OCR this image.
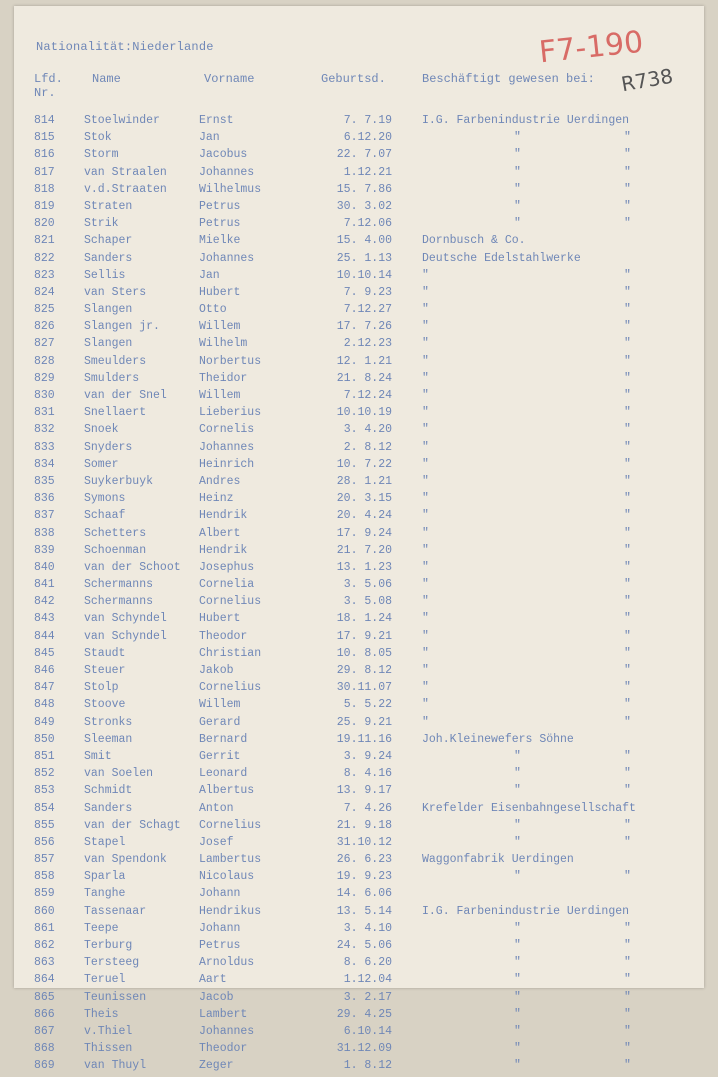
F7-190
R738
Nationalität:Niederlande
Lfd.
Nr.
Name	Vorname	Geburtsd.	Beschäftigt gewesen bei:
814	Stoelwinder	Ernst	7. 7.19	I.G. Farbenindustrie Uerdingen
815	Stok	Jan	6.12.20	"	"
816	Storm	Jacobus	22. 7.07	"	"
817	van Straalen	Johannes	1.12.21	"	"
818	v.d.Straaten	Wilhelmus	15. 7.86	"	"
819	Straten	Petrus	30. 3.02	"	"
820	Strik	Petrus	7.12.06	"	"
821	Schaper	Mielke	15. 4.00	Dornbusch & Co.
822	Sanders	Johannes	25. 1.13	Deutsche Edelstahlwerke
823	Sellis	Jan	10.10.14	"	"
824	van Sters	Hubert	7. 9.23	"	"
825	Slangen	Otto	7.12.27	"	"
826	Slangen jr.	Willem	17. 7.26	"	"
827	Slangen	Wilhelm	2.12.23	"	"
828	Smeulders	Norbertus	12. 1.21	"	"
829	Smulders	Theidor	21. 8.24	"	"
830	van der Snel	Willem	7.12.24	"	"
831	Snellaert	Lieberius	10.10.19	"	"
832	Snoek	Cornelis	3. 4.20	"	"
833	Snyders	Johannes	2. 8.12	"	"
834	Somer	Heinrich	10. 7.22	"	"
835	Suykerbuyk	Andres	28. 1.21	"	"
836	Symons	Heinz	20. 3.15	"	"
837	Schaaf	Hendrik	20. 4.24	"	"
838	Schetters	Albert	17. 9.24	"	"
839	Schoenman	Hendrik	21. 7.20	"	"
840	van der Schoot Josephus	13. 1.23	"	"
841	Schermanns	Cornelia	3. 5.06	"	"
842	Schermanns	Cornelius	3. 5.08	"	"
843	van Schyndel	Hubert	18. 1.24	"	"
844	van Schyndel	Theodor	17. 9.21	"	"
845	Staudt	Christian	10. 8.05	"	"
846	Steuer	Jakob	29. 8.12	"	"
847	Stolp	Cornelius	30.11.07	"	"
848	Stoove	Willem	5. 5.22	"	"
849	Stronks	Gerard	25. 9.21	"	"
850	Sleeman	Bernard	19.11.16	Joh.Kleinewefers Söhne
851	Smit	Gerrit	3. 9.24	"	"
852	van Soelen	Leonard	8. 4.16	"	"
853	Schmidt	Albertus	13. 9.17	"	"
854	Sanders	Anton	7. 4.26	Krefelder Eisenbahngesellschaft
855	van der Schagt Cornelius	21. 9.18	"	"
856	Stapel	Josef	31.10.12	"	"
857	van Spendonk	Lambertus	26. 6.23	Waggonfabrik Uerdingen
858	Sparla	Nicolaus	19. 9.23	"	"
859	Tanghe	Johann	14. 6.06
860	Tassenaar	Hendrikus	13. 5.14	I.G. Farbenindustrie Uerdingen
861	Teepe	Johann	3. 4.10	"	"
862	Terburg	Petrus	24. 5.06	"	"
863	Tersteeg	Arnoldus	8. 6.20	"	"
864	Teruel	Aart	1.12.04	"	"
865	Teunissen	Jacob	3. 2.17	"	"
866	Theis	Lambert	29. 4.25	"	"
867	v.Thiel	Johannes	6.10.14	"	"
868	Thissen	Theodor	31.12.09	"	"
869	van Thuyl	Zeger	1. 8.12	"	"
